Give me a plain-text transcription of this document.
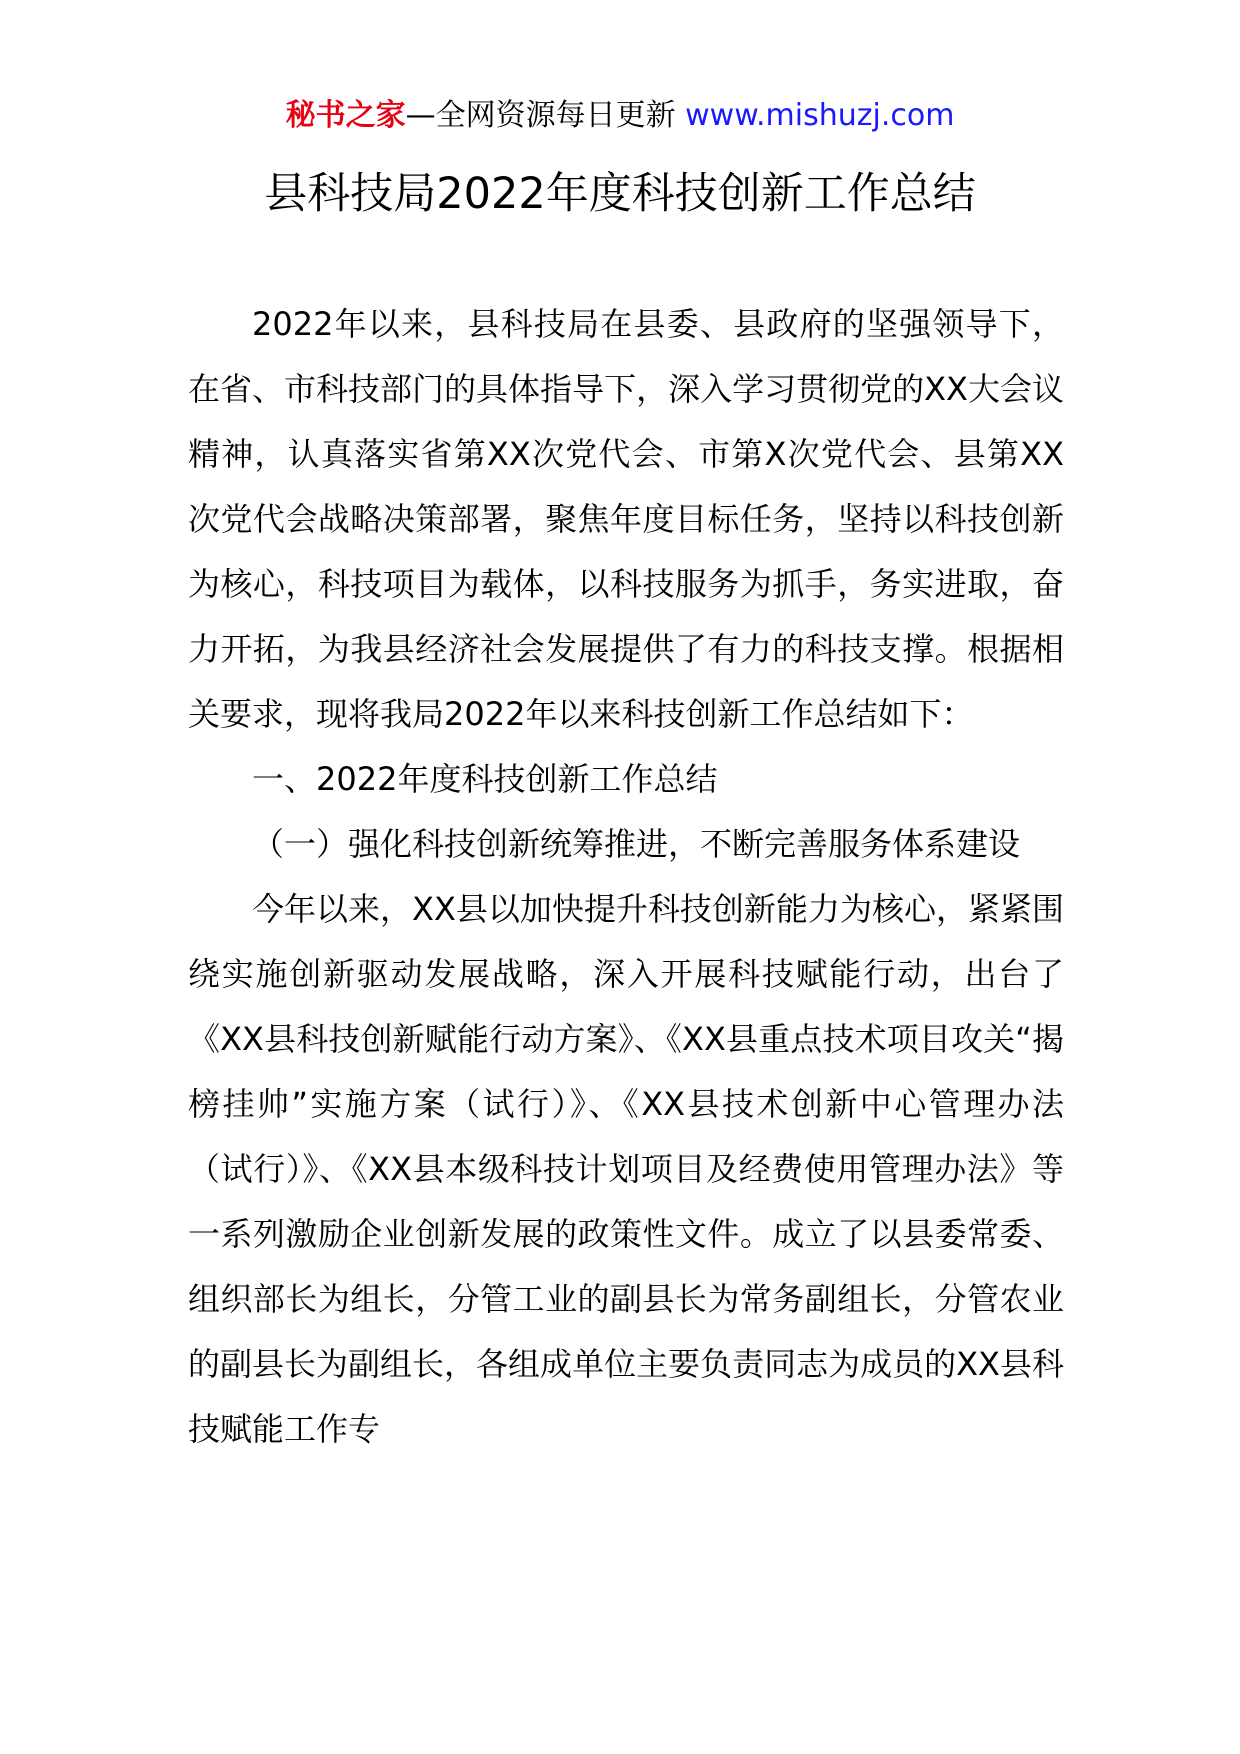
秘书之家—全网资源每日更新 www.mishuzj.com
县科技局2022年度科技创新工作总结

2022年以来，县科技局在县委、县政府的坚强领导下，在省、市科技部门的具体指导下，深入学习贯彻党的XX大会议精神，认真落实省第XX次党代会、市第X次党代会、县第XX次党代会战略决策部署，聚焦年度目标任务，坚持以科技创新为核心，科技项目为载体，以科技服务为抓手，务实进取，奋力开拓，为我县经济社会发展提供了有力的科技支撑。根据相关要求，现将我局2022年以来科技创新工作总结如下：

一、2022年度科技创新工作总结

（一）强化科技创新统筹推进，不断完善服务体系建设

今年以来，XX县以加快提升科技创新能力为核心，紧紧围绕实施创新驱动发展战略，深入开展科技赋能行动，出台了《XX县科技创新赋能行动方案》、《XX县重点技术项目攻关“揭榜挂帅”实施方案（试行）》、《XX县技术创新中心管理办法（试行）》、《XX县本级科技计划项目及经费使用管理办法》等一系列激励企业创新发展的政策性文件。成立了以县委常委、组织部长为组长，分管工业的副县长为常务副组长，分管农业的副县长为副组长，各组成单位主要负责同志为成员的XX县科技赋能工作专
